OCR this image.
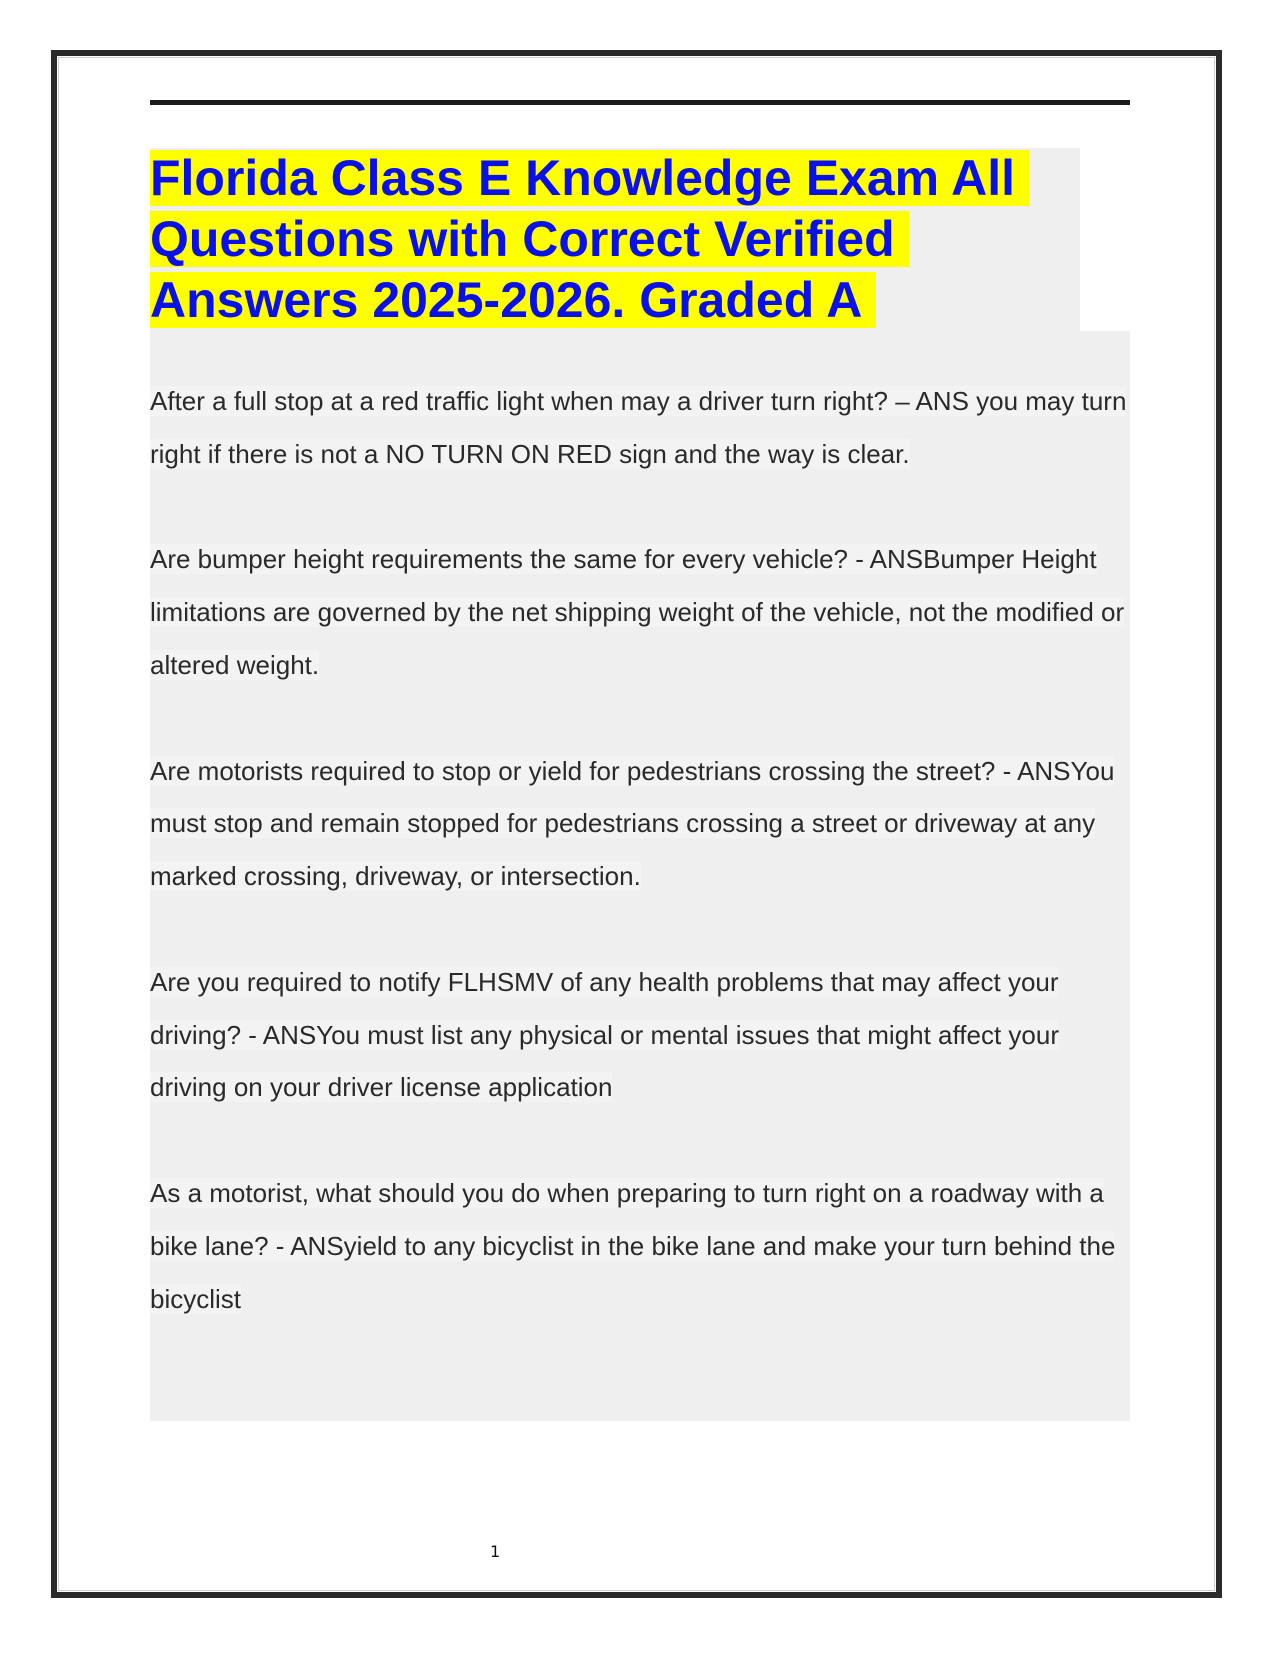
Florida Class E Knowledge Exam All Questions with Correct Verified Answers 2025-2026. Graded A
After a full stop at a red traffic light when may a driver turn right? – ANS you may turn right if there is not a NO TURN ON RED sign and the way is clear.
Are bumper height requirements the same for every vehicle? - ANSBumper Height limitations are governed by the net shipping weight of the vehicle, not the modified or altered weight.
Are motorists required to stop or yield for pedestrians crossing the street? - ANSYou must stop and remain stopped for pedestrians crossing a street or driveway at any marked crossing, driveway, or intersection.
Are you required to notify FLHSMV of any health problems that may affect your driving? - ANSYou must list any physical or mental issues that might affect your driving on your driver license application
As a motorist, what should you do when preparing to turn right on a roadway with a bike lane? - ANSyield to any bicyclist in the bike lane and make your turn behind the bicyclist
1
